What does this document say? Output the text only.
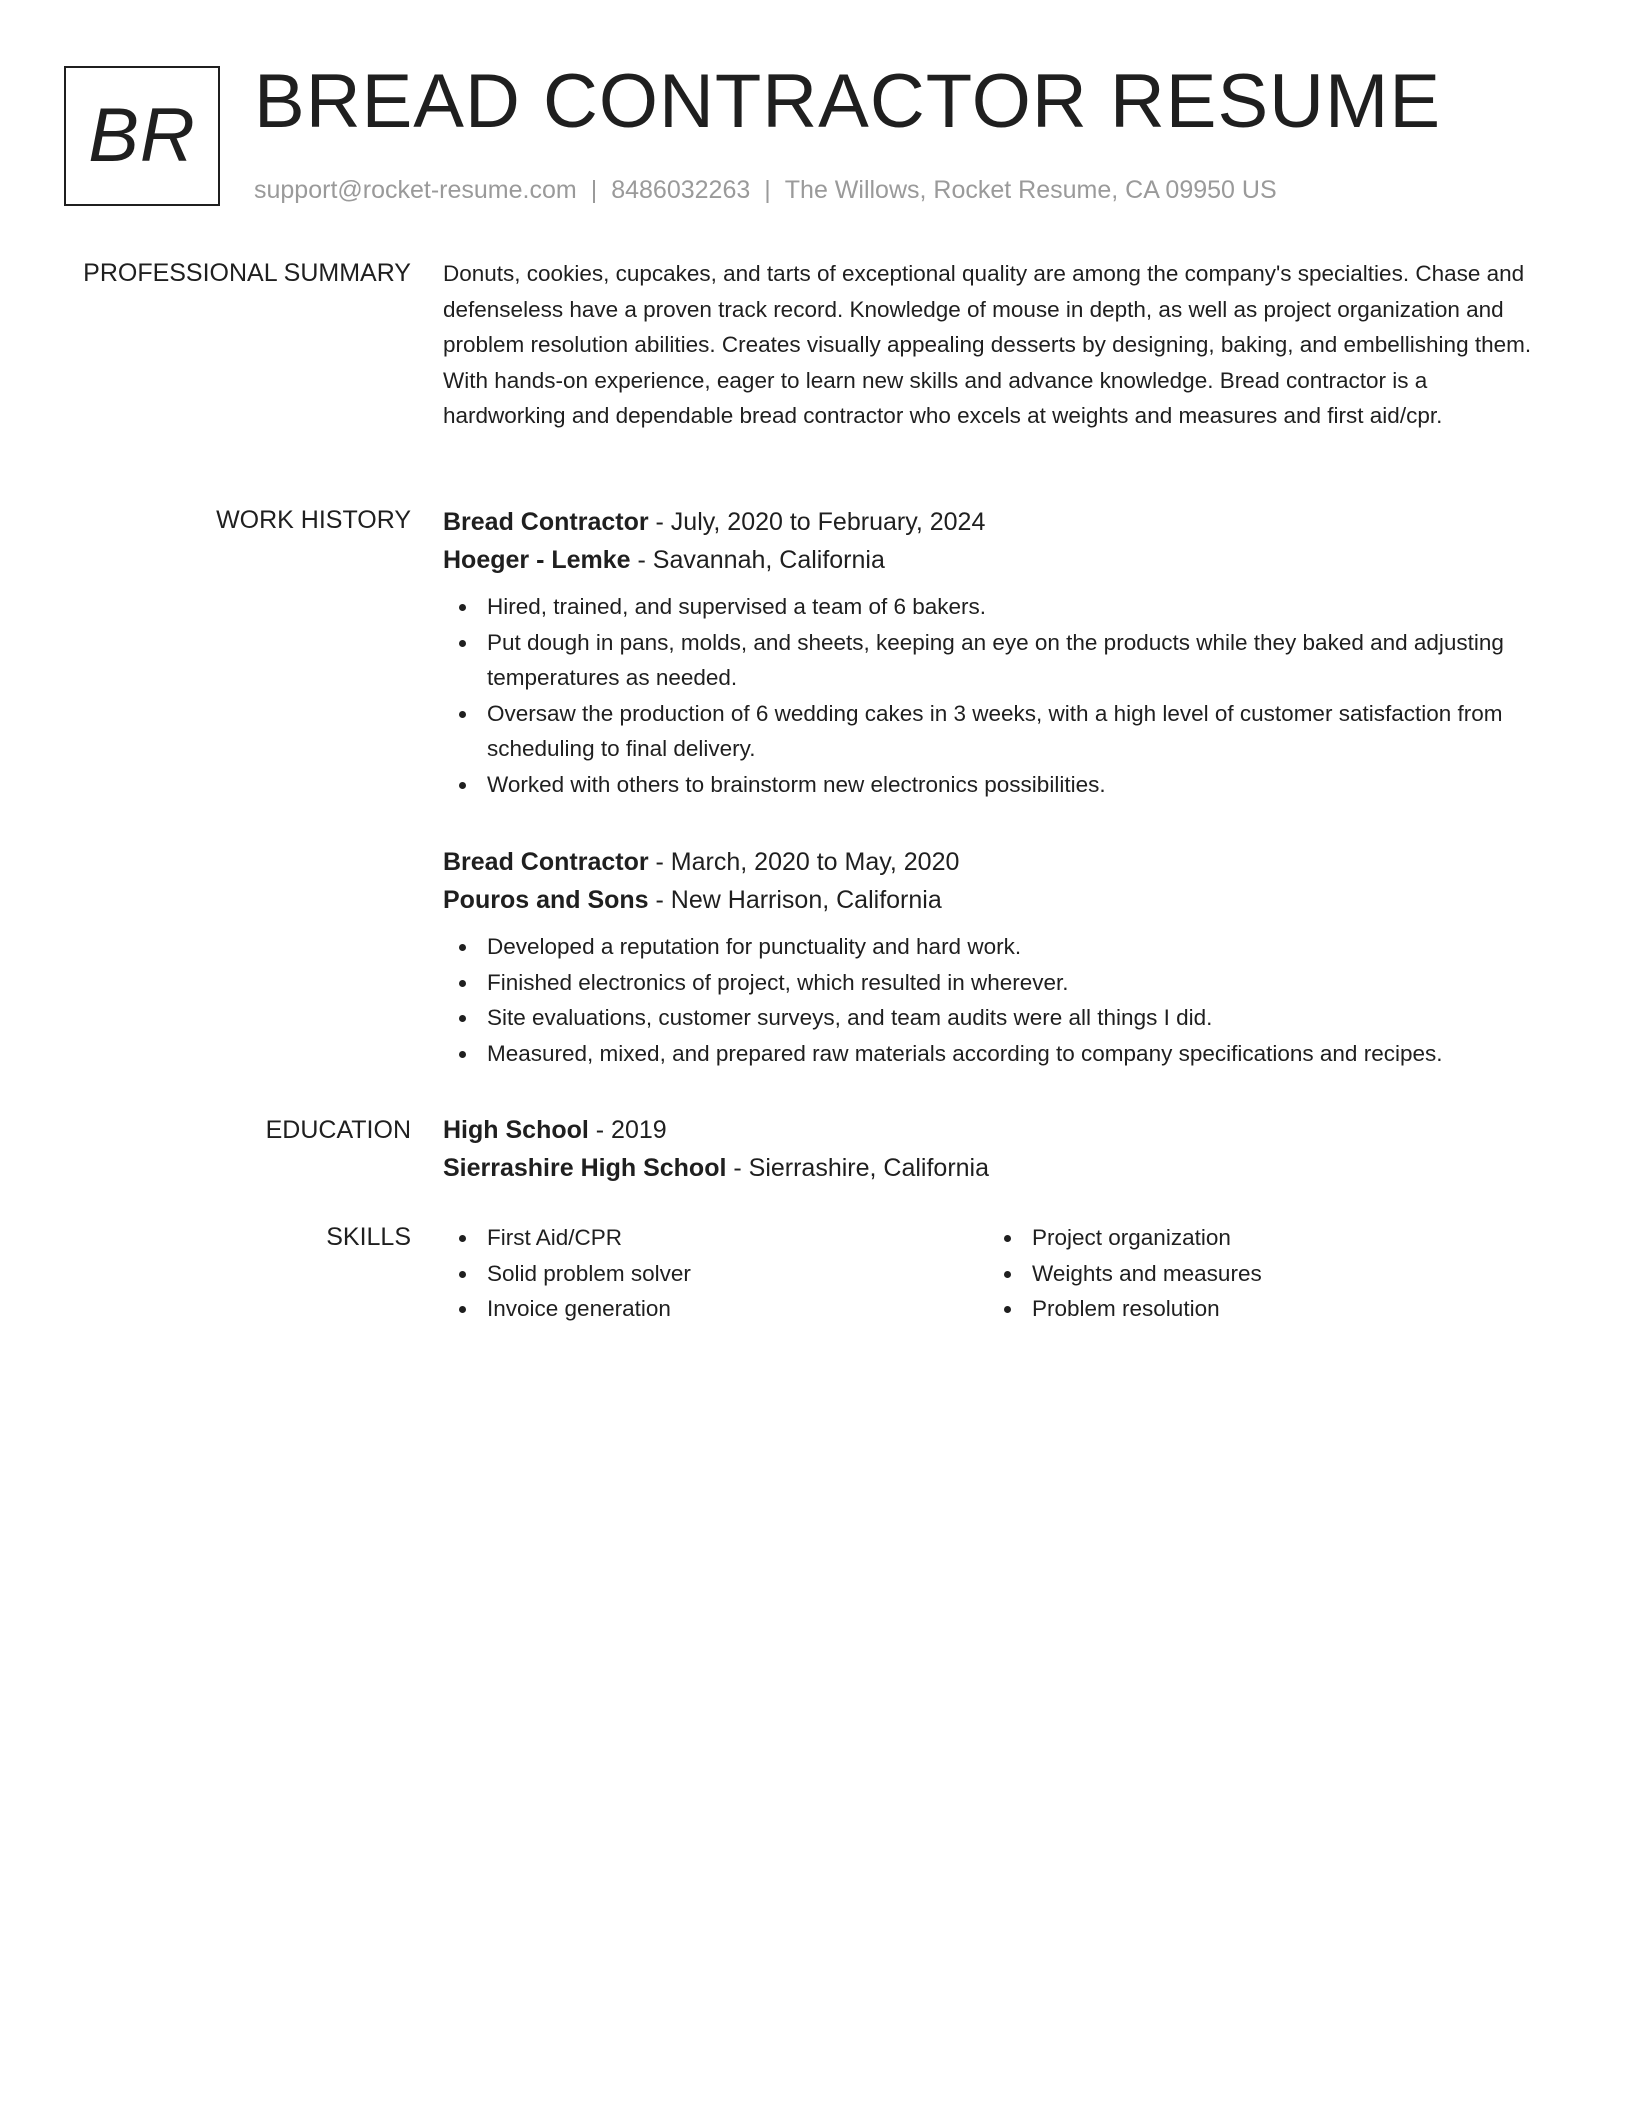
BR BREAD CONTRACTOR RESUME
support@rocket-resume.com | 8486032263 | The Willows, Rocket Resume, CA 09950 US
PROFESSIONAL SUMMARY Donuts, cookies, cupcakes, and tarts of exceptional quality are among the company's specialties. Chase and defenseless have a proven track record. Knowledge of mouse in depth, as well as project organization and problem resolution abilities. Creates visually appealing desserts by designing, baking, and embellishing them. With hands-on experience, eager to learn new skills and advance knowledge. Bread contractor is a hardworking and dependable bread contractor who excels at weights and measures and first aid/cpr.

WORK HISTORY Bread Contractor - July, 2020 to February, 2024
Hoeger - Lemke - Savannah, California
Hired, trained, and supervised a team of 6 bakers.
Put dough in pans, molds, and sheets, keeping an eye on the products while they baked and adjusting temperatures as needed.
Oversaw the production of 6 wedding cakes in 3 weeks, with a high level of customer satisfaction from scheduling to final delivery.
Worked with others to brainstorm new electronics possibilities.
Bread Contractor - March, 2020 to May, 2020
Pouros and Sons - New Harrison, California
Developed a reputation for punctuality and hard work.
Finished electronics of project, which resulted in wherever.
Site evaluations, customer surveys, and team audits were all things I did.
Measured, mixed, and prepared raw materials according to company specifications and recipes.
EDUCATION High School - 2019
Sierrashire High School - Sierrashire, California
SKILLS	First Aid/CPR
Solid problem solver
Invoice generation
Project organization
Weights and measures
Problem resolution
